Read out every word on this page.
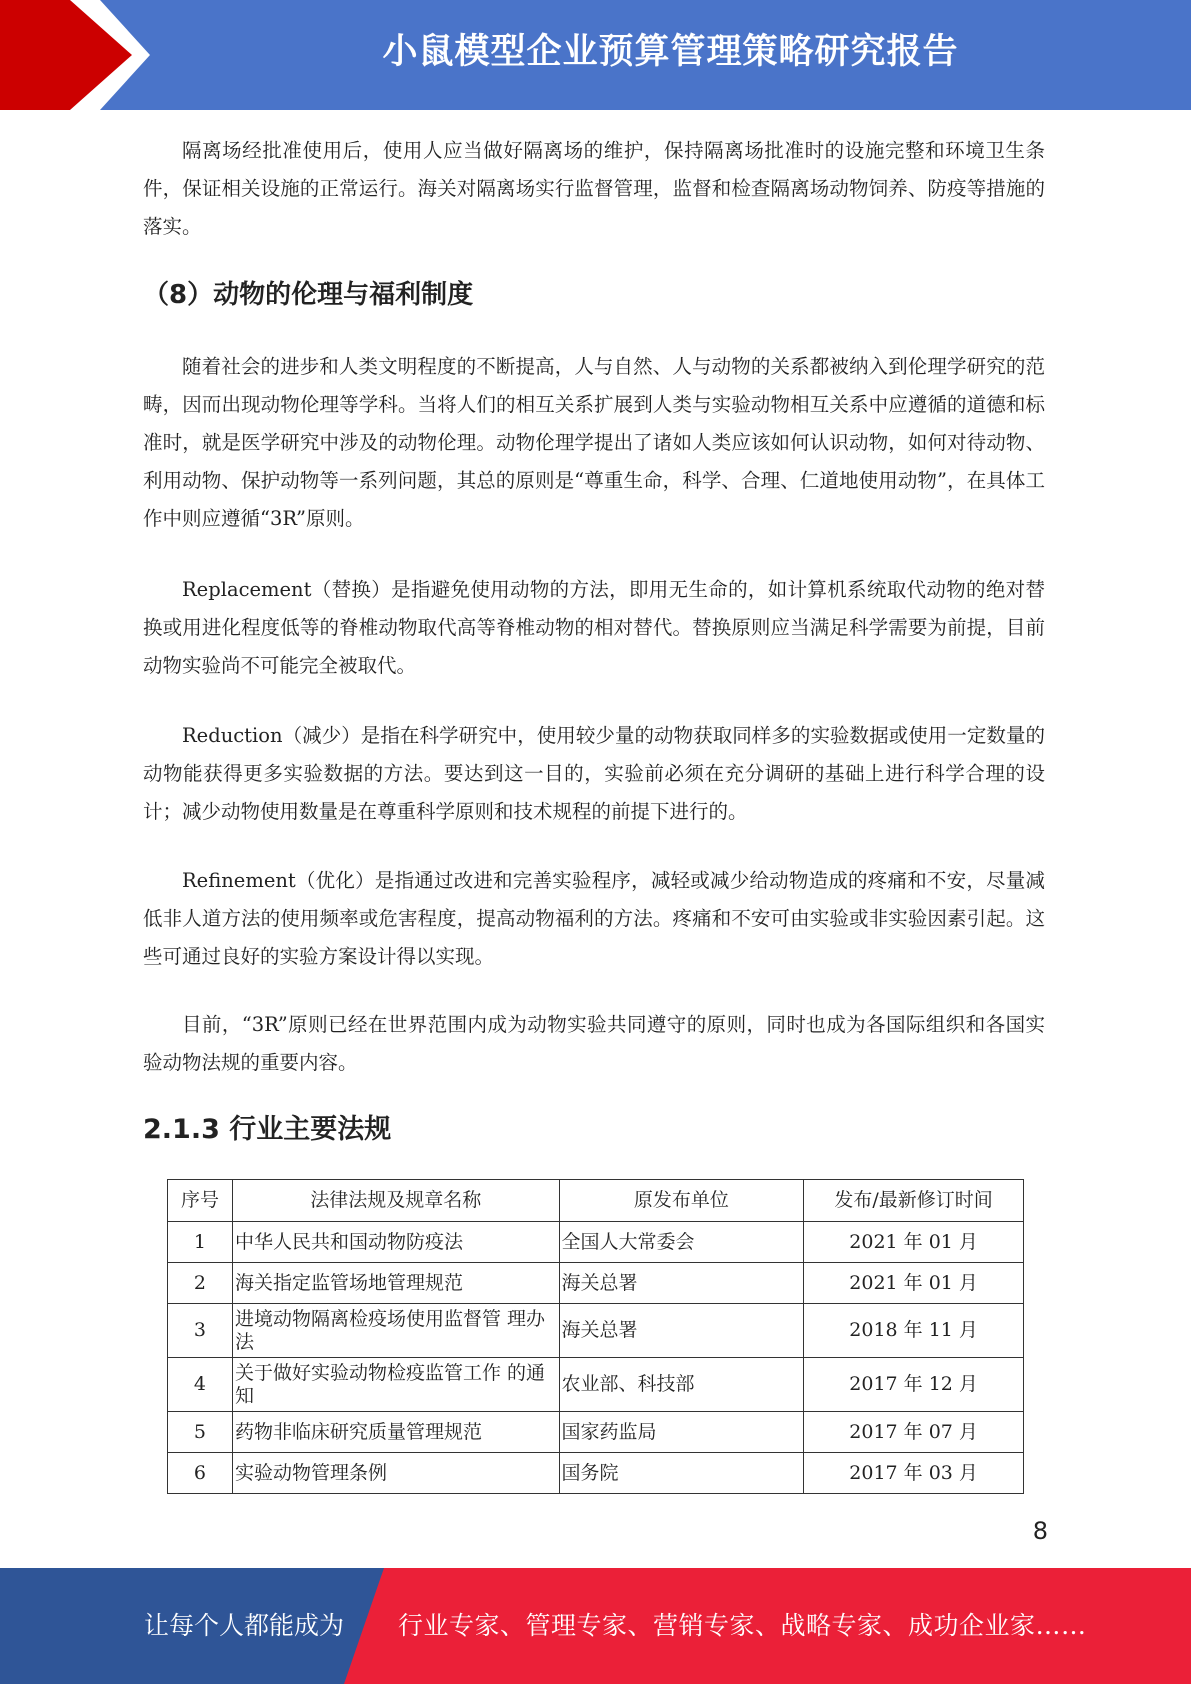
小鼠模型企业预算管理策略研究报告

隔离场经批准使用后，使用人应当做好隔离场的维护，保持隔离场批准时的设施完整和环境卫生条件，保证相关设施的正常运行。海关对隔离场实行监督管理，监督和检查隔离场动物饲养、防疫等措施的落实。

（8）动物的伦理与福利制度

随着社会的进步和人类文明程度的不断提高，人与自然、人与动物的关系都被纳入到伦理学研究的范畴，因而出现动物伦理等学科。当将人们的相互关系扩展到人类与实验动物相互关系中应遵循的道德和标准时，就是医学研究中涉及的动物伦理。动物伦理学提出了诸如人类应该如何认识动物，如何对待动物、利用动物、保护动物等一系列问题，其总的原则是“尊重生命，科学、合理、仁道地使用动物”，在具体工作中则应遵循“3R”原则。

Replacement（替换）是指避免使用动物的方法，即用无生命的，如计算机系统取代动物的绝对替换或用进化程度低等的脊椎动物取代高等脊椎动物的相对替代。替换原则应当满足科学需要为前提，目前动物实验尚不可能完全被取代。

Reduction（减少）是指在科学研究中，使用较少量的动物获取同样多的实验数据或使用一定数量的动物能获得更多实验数据的方法。要达到这一目的，实验前必须在充分调研的基础上进行科学合理的设计；减少动物使用数量是在尊重科学原则和技术规程的前提下进行的。

Refinement（优化）是指通过改进和完善实验程序，减轻或减少给动物造成的疼痛和不安，尽量减低非人道方法的使用频率或危害程度，提高动物福利的方法。疼痛和不安可由实验或非实验因素引起。这些可通过良好的实验方案设计得以实现。

目前，“3R”原则已经在世界范围内成为动物实验共同遵守的原则，同时也成为各国际组织和各国实验动物法规的重要内容。

2.1.3 行业主要法规
序号	法律法规及规章名称	原发布单位	发布/最新修订时间
1	中华人民共和国动物防疫法	全国人大常委会	2021 年 01 月
2	海关指定监管场地管理规范	海关总署	2021 年 01 月
3	进境动物隔离检疫场使用监督管 理办法	海关总署	2018 年 11 月
4	关于做好实验动物检疫监管工作 的通知	农业部、科技部	2017 年 12 月
5	药物非临床研究质量管理规范	国家药监局	2017 年 07 月
6	实验动物管理条例	国务院	2017 年 03 月
8
让每个人都能成为 行业专家、管理专家、营销专家、战略专家、成功企业家……
